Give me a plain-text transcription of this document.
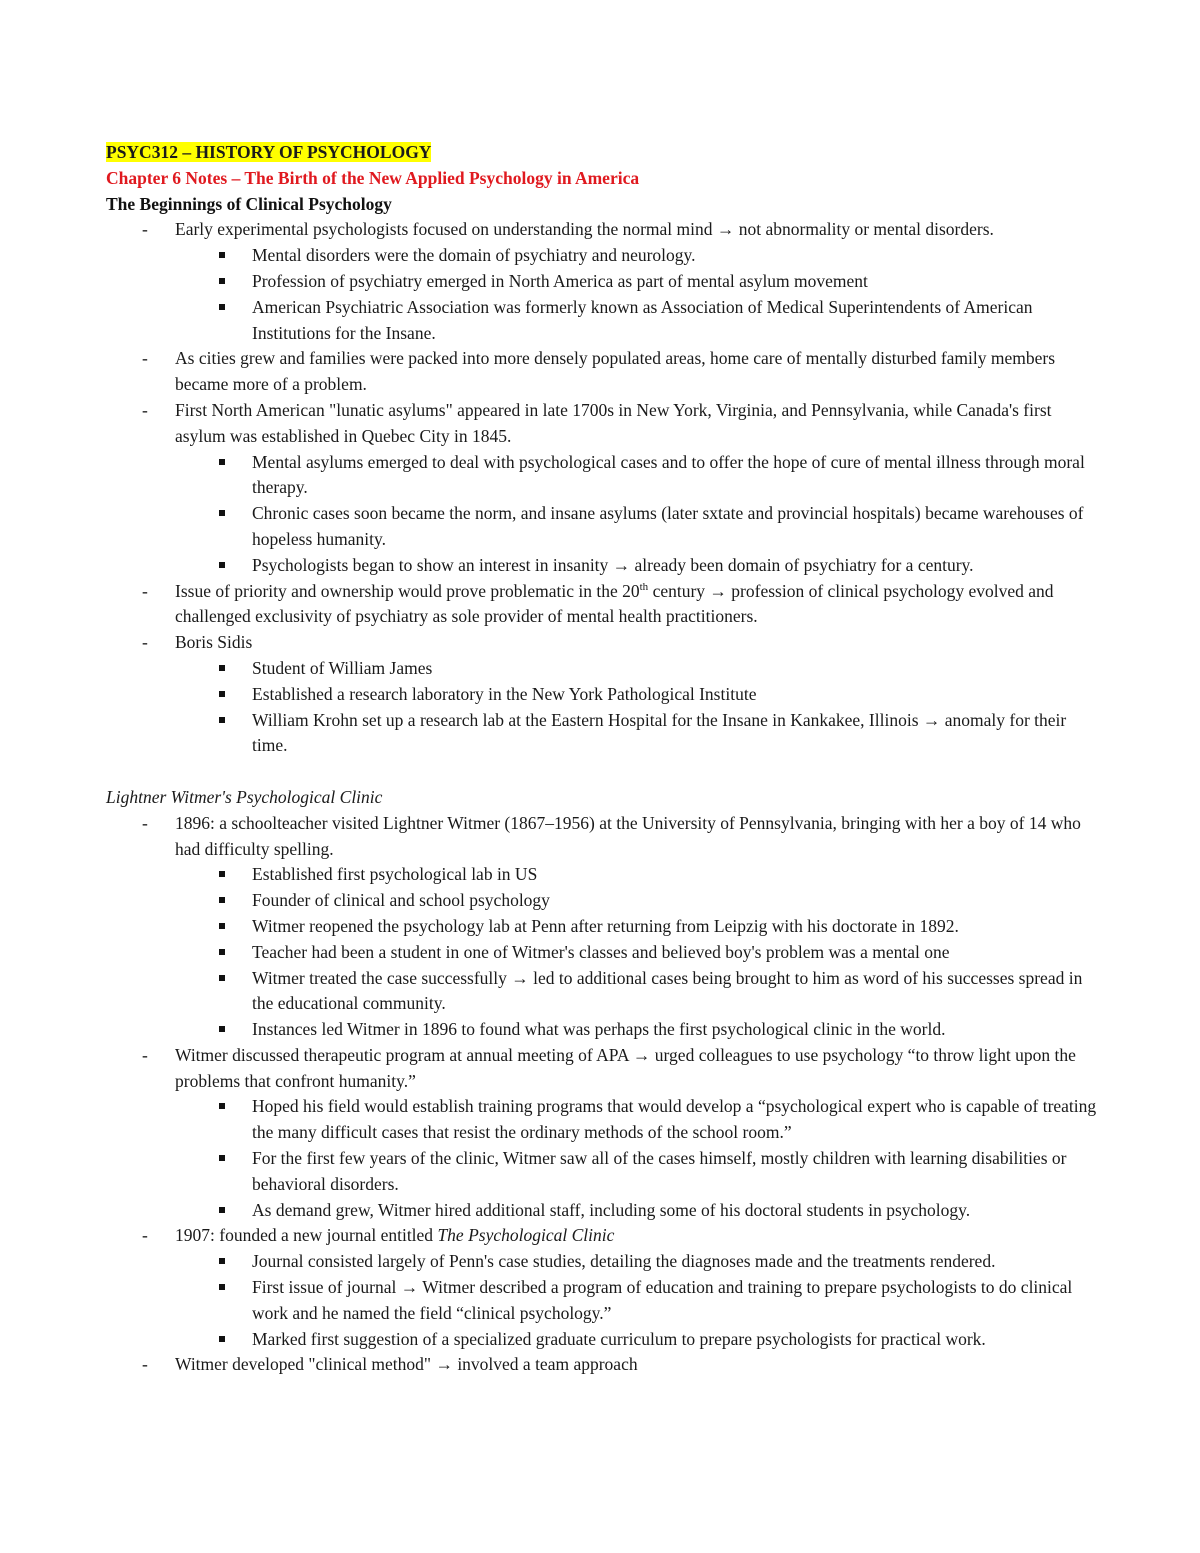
PSYC312 – HISTORY OF PSYCHOLOGY
Chapter 6 Notes – The Birth of the New Applied Psychology in America
The Beginnings of Clinical Psychology
- Early experimental psychologists focused on understanding the normal mind → not abnormality or mental disorders.
Mental disorders were the domain of psychiatry and neurology.
Profession of psychiatry emerged in North America as part of mental asylum movement
American Psychiatric Association was formerly known as Association of Medical Superintendents of American Institutions for the Insane.
- As cities grew and families were packed into more densely populated areas, home care of mentally disturbed family members became more of a problem.
- First North American "lunatic asylums" appeared in late 1700s in New York, Virginia, and Pennsylvania, while Canada's first asylum was established in Quebec City in 1845.
Mental asylums emerged to deal with psychological cases and to offer the hope of cure of mental illness through moral therapy.
Chronic cases soon became the norm, and insane asylums (later sxtate and provincial hospitals) became warehouses of hopeless humanity.
Psychologists began to show an interest in insanity → already been domain of psychiatry for a century.
- Issue of priority and ownership would prove problematic in the 20th century → profession of clinical psychology evolved and challenged exclusivity of psychiatry as sole provider of mental health practitioners.
- Boris Sidis
Student of William James
Established a research laboratory in the New York Pathological Institute
William Krohn set up a research lab at the Eastern Hospital for the Insane in Kankakee, Illinois → anomaly for their time.
Lightner Witmer's Psychological Clinic
- 1896: a schoolteacher visited Lightner Witmer (1867–1956) at the University of Pennsylvania, bringing with her a boy of 14 who had difficulty spelling.
Established first psychological lab in US
Founder of clinical and school psychology
Witmer reopened the psychology lab at Penn after returning from Leipzig with his doctorate in 1892.
Teacher had been a student in one of Witmer's classes and believed boy's problem was a mental one
Witmer treated the case successfully → led to additional cases being brought to him as word of his successes spread in the educational community.
Instances led Witmer in 1896 to found what was perhaps the first psychological clinic in the world.
- Witmer discussed therapeutic program at annual meeting of APA → urged colleagues to use psychology “to throw light upon the problems that confront humanity.”
Hoped his field would establish training programs that would develop a “psychological expert who is capable of treating the many difficult cases that resist the ordinary methods of the school room.”
For the first few years of the clinic, Witmer saw all of the cases himself, mostly children with learning disabilities or behavioral disorders.
As demand grew, Witmer hired additional staff, including some of his doctoral students in psychology.
- 1907: founded a new journal entitled The Psychological Clinic
Journal consisted largely of Penn's case studies, detailing the diagnoses made and the treatments rendered.
First issue of journal → Witmer described a program of education and training to prepare psychologists to do clinical work and he named the field “clinical psychology.”
Marked first suggestion of a specialized graduate curriculum to prepare psychologists for practical work.
- Witmer developed "clinical method" → involved a team approach
